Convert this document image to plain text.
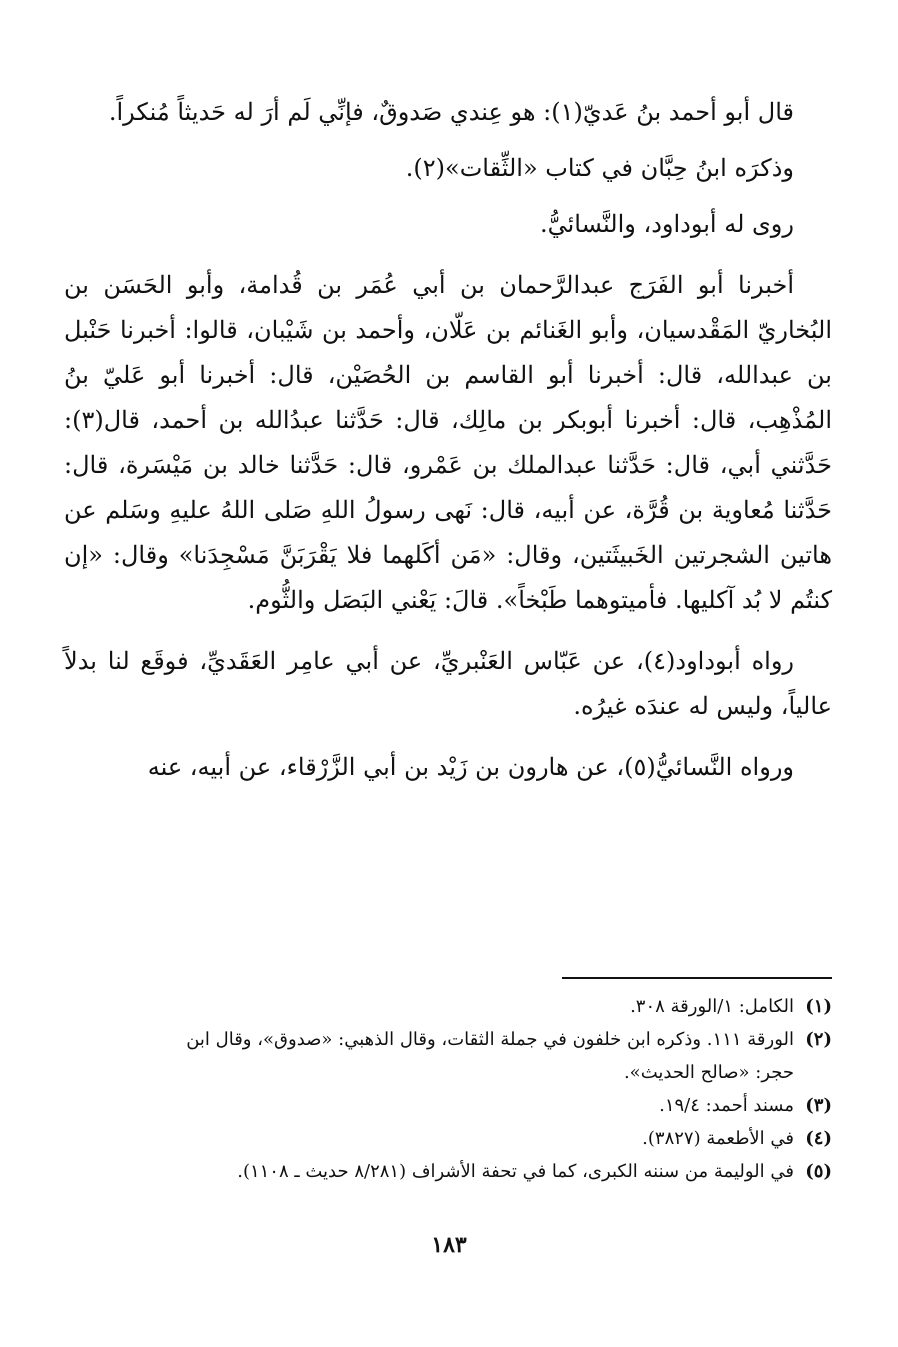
قال أبو أحمد بنُ عَديّ(١): هو عِندي صَدوقٌ، فإنِّي لَم أرَ له حَديثاً مُنكراً.

وذكرَه ابنُ حِبَّان في كتاب «الثِّقات»(٢).

روى له أبوداود، والنَّسائيُّ.

أخبرنا أبو الفَرَج عبدالرَّحمان بن أبي عُمَر بن قُدامة، وأبو الحَسَن بن البُخاريّ المَقْدسيان، وأبو الغَنائم بن عَلّان، وأحمد بن شَيْبان، قالوا: أخبرنا حَنْبل بن عبدالله، قال: أخبرنا أبو القاسم بن الحُصَيْن، قال: أخبرنا أبو عَليّ بنُ المُذْهِب، قال: أخبرنا أبوبكر بن مالِك، قال: حَدَّثنا عبدُالله بن أحمد، قال(٣): حَدَّثني أبي، قال: حَدَّثنا عبدالملك بن عَمْرو، قال: حَدَّثنا خالد بن مَيْسَرة، قال: حَدَّثنا مُعاوية بن قُرَّة، عن أبيه، قال: نَهى رسولُ اللهِ صَلى اللهُ عليهِ وسَلم عن هاتين الشجرتين الخَبيثَتين، وقال: «مَن أكَلهما فلا يَقْرَبَنَّ مَسْجِدَنا» وقال: «إن كنتُم لا بُد آكليها. فأميتوهما طَبْخاً». قالَ: يَعْني البَصَل والثُّوم.

رواه أبوداود(٤)، عن عَبّاس العَنْبريِّ، عن أبي عامِر العَقَديِّ، فوقَع لنا بدلاً عالياً، وليس له عندَه غيرُه.

ورواه النَّسائيُّ(٥)، عن هارون بن زَيْد بن أبي الزَّرْقاء، عن أبيه، عنه

(١)
الكامل: ١/الورقة ٣٠٨.
(٢)
الورقة ١١١. وذكره ابن خلفون في جملة الثقات، وقال الذهبي: «صدوق»، وقال ابن
حجر: «صالح الحديث».
(٣)
مسند أحمد: ١٩/٤.
(٤)
في الأطعمة (٣٨٢٧).
(٥)
في الوليمة من سننه الكبرى، كما في تحفة الأشراف (٨/٢٨١ حديث ـ ١١٠٨).
١٨٣
